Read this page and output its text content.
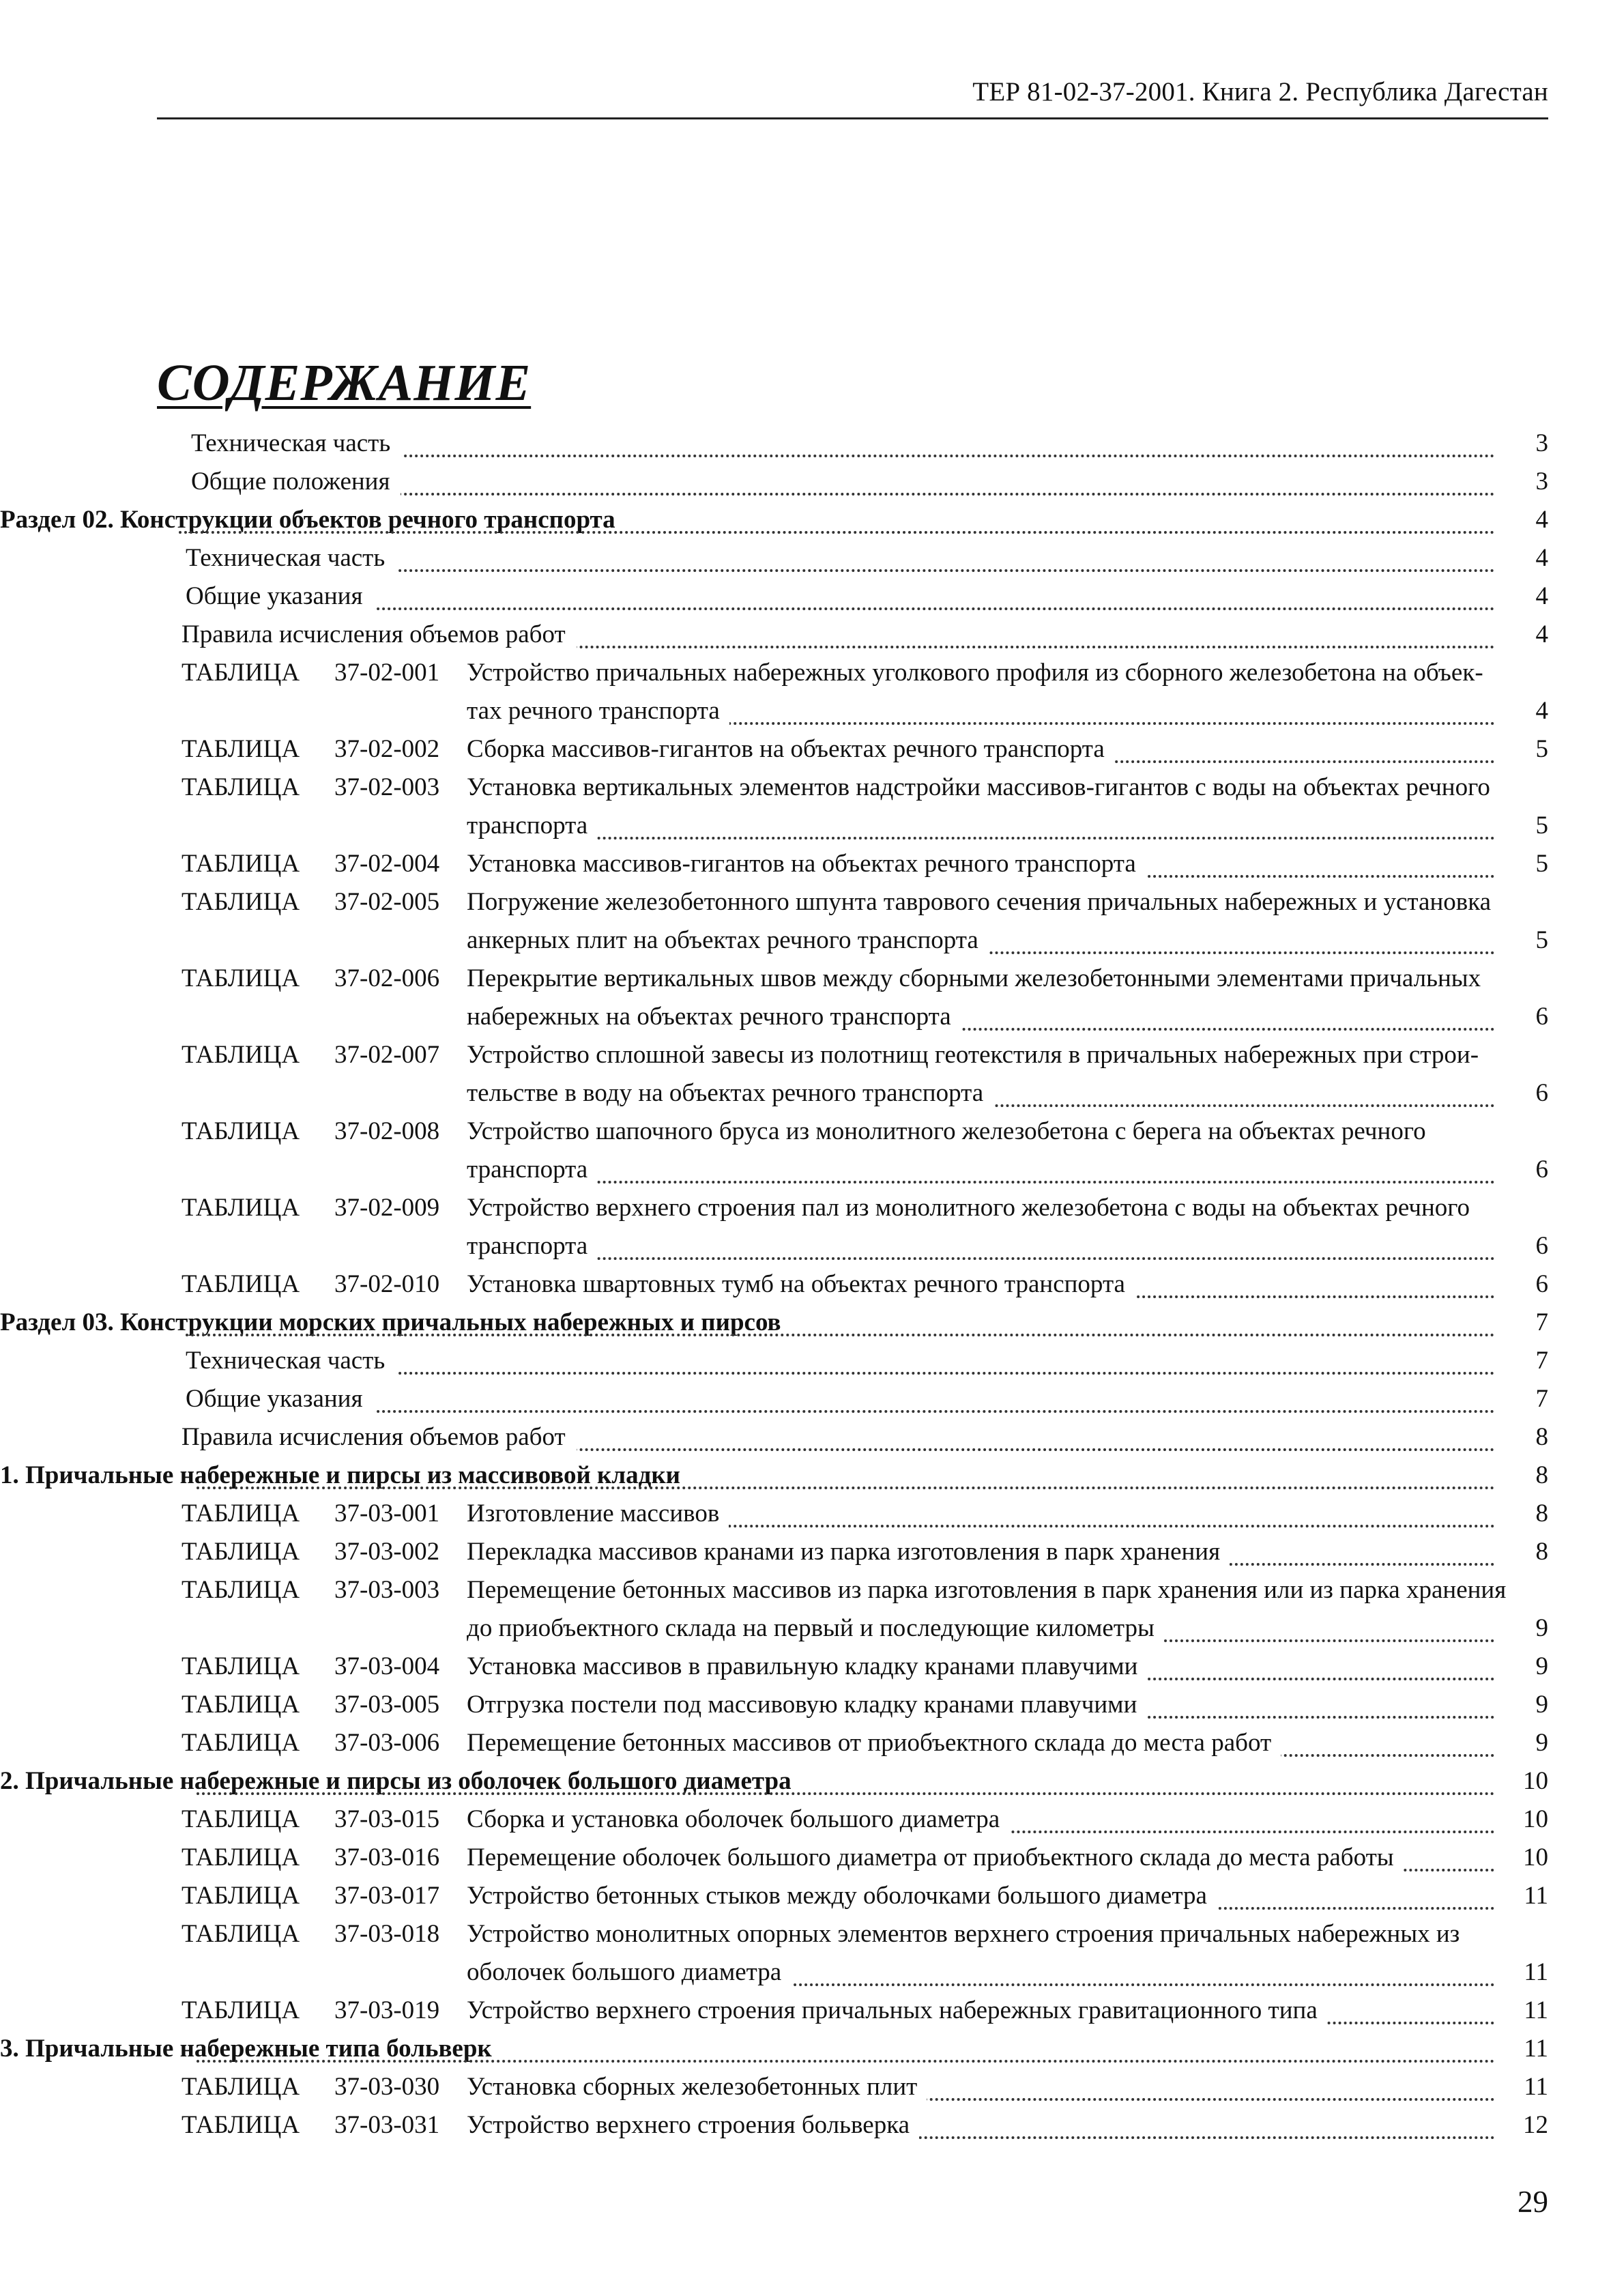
ТЕР 81-02-37-2001. Книга 2. Республика Дагестан
СОДЕРЖАНИЕ
Техническая часть	3
Общие положения	3
Раздел 02. Конструкции объектов речного транспорта	4
Техническая часть	4
Общие указания	4
Правила исчисления объемов работ	4
ТАБЛИЦА 37-02-001 Устройство причальных набережных уголкового профиля из сборного железобетона на объек-
тах речного транспорта	4
ТАБЛИЦА 37-02-002 Сборка массивов-гигантов на объектах речного транспорта	5
ТАБЛИЦА 37-02-003 Установка вертикальных элементов надстройки массивов-гигантов с воды на объектах речного
транспорта	5
ТАБЛИЦА 37-02-004 Установка массивов-гигантов на объектах речного транспорта	5
ТАБЛИЦА 37-02-005 Погружение железобетонного шпунта таврового сечения причальных набережных и установка
анкерных плит на объектах речного транспорта	5
ТАБЛИЦА 37-02-006 Перекрытие вертикальных швов между сборными железобетонными элементами причальных
набережных на объектах речного транспорта	6
ТАБЛИЦА 37-02-007 Устройство сплошной завесы из полотнищ геотекстиля в причальных набережных при строи-
тельстве в воду на объектах речного транспорта	6
ТАБЛИЦА 37-02-008 Устройство шапочного бруса из монолитного железобетона с берега на объектах речного
транспорта	6
ТАБЛИЦА 37-02-009 Устройство верхнего строения пал из монолитного железобетона с воды на объектах речного
транспорта	6
ТАБЛИЦА 37-02-010 Установка швартовных тумб на объектах речного транспорта	6
Раздел 03. Конструкции морских причальных набережных и пирсов	7
Техническая часть	7
Общие указания	7
Правила исчисления объемов работ	8
1. Причальные набережные и пирсы из массивовой кладки	8
ТАБЛИЦА 37-03-001 Изготовление массивов	8
ТАБЛИЦА 37-03-002 Перекладка массивов кранами из парка изготовления в парк хранения	8
ТАБЛИЦА 37-03-003 Перемещение бетонных массивов из парка изготовления в парк хранения или из парка хранения
до приобъектного склада на первый и последующие километры	9
ТАБЛИЦА 37-03-004 Установка массивов в правильную кладку кранами плавучими	9
ТАБЛИЦА 37-03-005 Отгрузка постели под массивовую кладку кранами плавучими	9
ТАБЛИЦА 37-03-006 Перемещение бетонных массивов от приобъектного склада до места работ	9
2. Причальные набережные и пирсы из оболочек большого диаметра	10
ТАБЛИЦА 37-03-015 Сборка и установка оболочек большого диаметра	10
ТАБЛИЦА 37-03-016 Перемещение оболочек большого диаметра от приобъектного склада до места работы	10
ТАБЛИЦА 37-03-017 Устройство бетонных стыков между оболочками большого диаметра	11
ТАБЛИЦА 37-03-018 Устройство монолитных опорных элементов верхнего строения причальных набережных из
оболочек большого диаметра	11
ТАБЛИЦА 37-03-019 Устройство верхнего строения причальных набережных гравитационного типа	11
3. Причальные набережные типа больверк	11
ТАБЛИЦА 37-03-030 Установка сборных железобетонных плит	11
ТАБЛИЦА 37-03-031 Устройство верхнего строения больверка	12
29
